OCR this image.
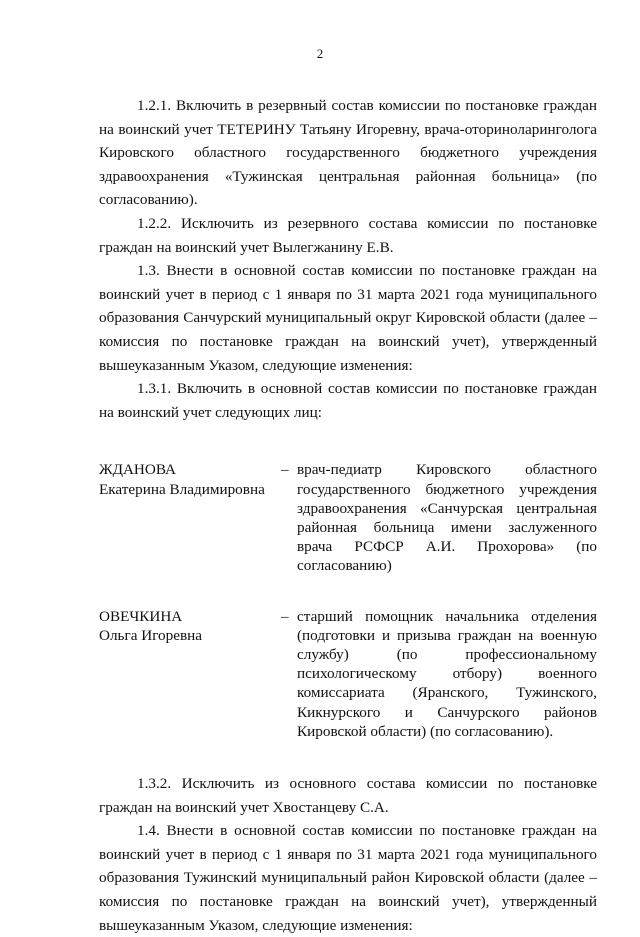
2

1.2.1. Включить в резервный состав комиссии по постановке граждан на воинский учет ТЕТЕРИНУ Татьяну Игоревну, врача-оториноларинголога Кировского областного государственного бюджетного учреждения здравоохранения «Тужинская центральная районная больница» (по согласованию).

1.2.2. Исключить из резервного состава комиссии по постановке граждан на воинский учет Вылегжанину Е.В.

1.3. Внести в основной состав комиссии по постановке граждан на воинский учет в период с 1 января по 31 марта 2021 года муниципального образования Санчурский муниципальный округ Кировской области (далее – комиссия по постановке граждан на воинский учет), утвержденный вышеуказанным Указом, следующие изменения:

1.3.1. Включить в основной состав комиссии по постановке граждан на воинский учет следующих лиц:

ЖДАНОВА
Екатерина Владимировна
– врач-педиатр Кировского областного государственного бюджетного учреждения здравоохранения «Санчурская центральная районная больница имени заслуженного врача РСФСР А.И. Прохорова» (по согласованию)
ОВЕЧКИНА
Ольга Игоревна
– старший помощник начальника отделения (подготовки и призыва граждан на военную службу) (по профессиональному психологическому отбору) военного комиссариата (Яранского, Тужинского, Кикнурского и Санчурского районов Кировской области) (по согласованию).

1.3.2. Исключить из основного состава комиссии по постановке граждан на воинский учет Хвостанцеву С.А.

1.4. Внести в основной состав комиссии по постановке граждан на воинский учет в период с 1 января по 31 марта 2021 года муниципального образования Тужинский муниципальный район Кировской области (далее – комиссия по постановке граждан на воинский учет), утвержденный вышеуказанным Указом, следующие изменения:
